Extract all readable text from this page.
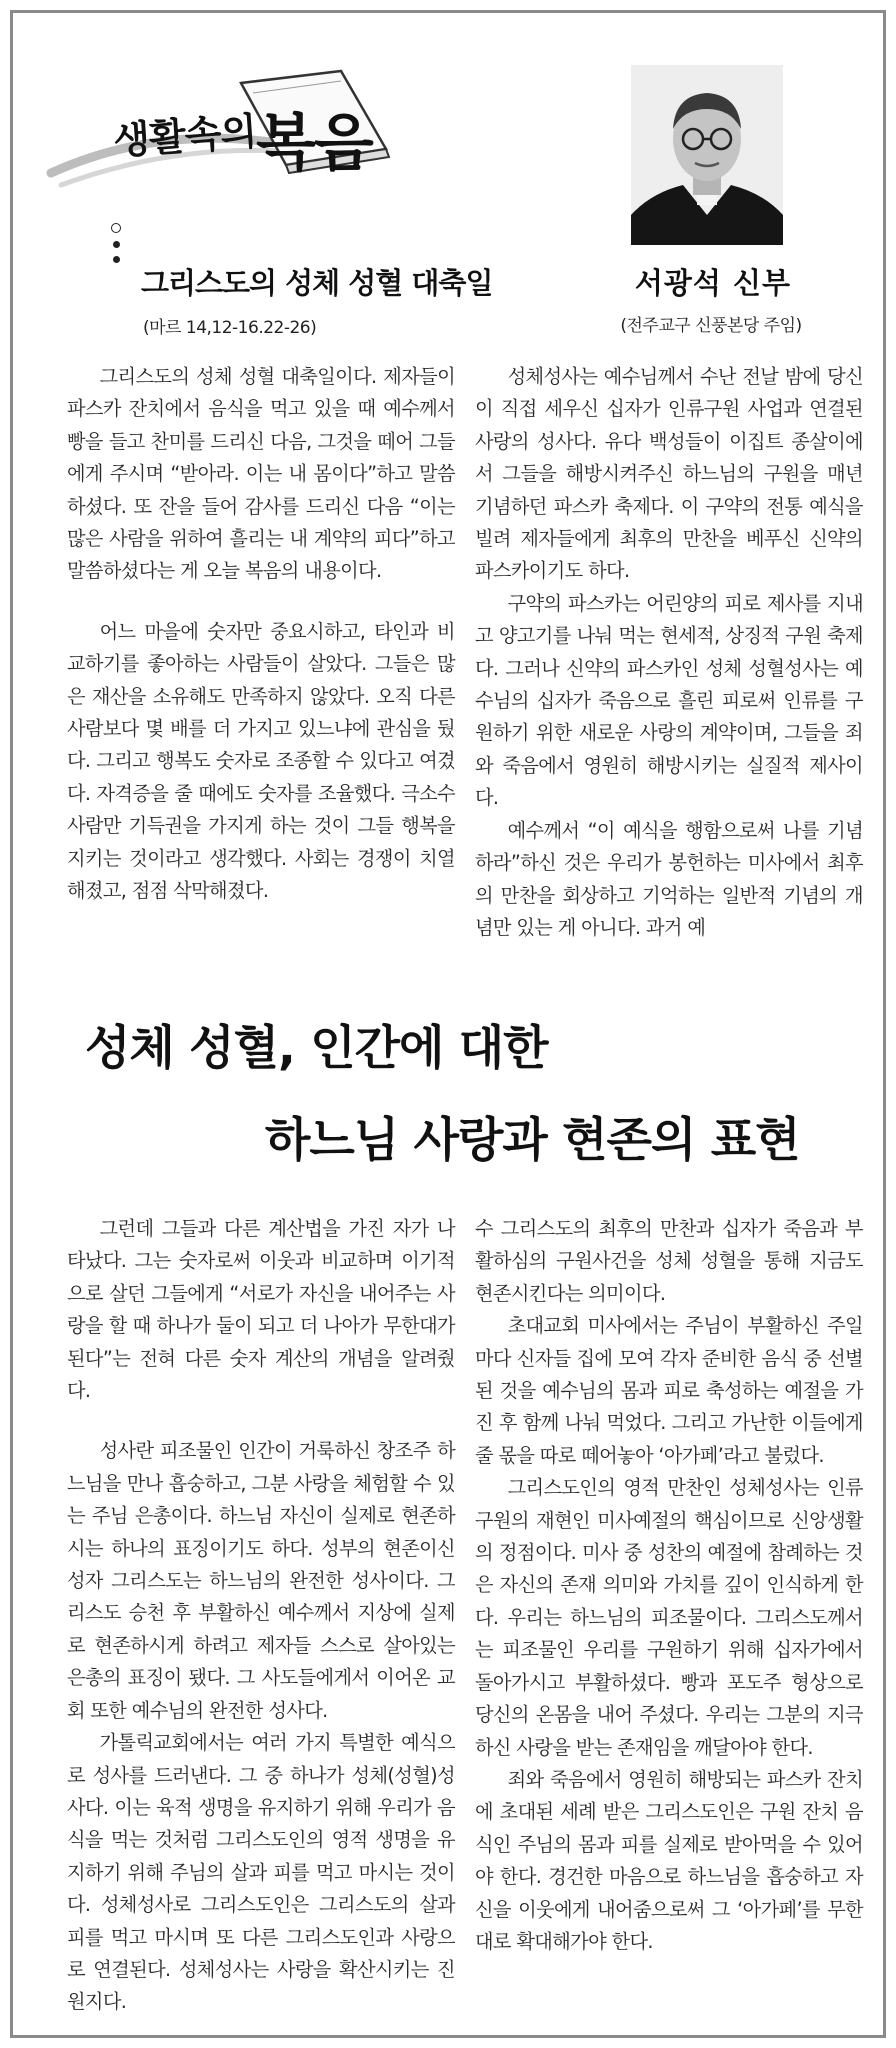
생활속의
복음
그리스도의 성체 성혈 대축일
(마르 14,12-16.22-26)
서광석 신부
(전주교구 신풍본당 주임)

그리스도의 성체 성혈 대축일이다. 제자들이 파스카 잔치에서 음식을 먹고 있을 때 예수께서 빵을 들고 찬미를 드리신 다음, 그것을 떼어 그들에게 주시며 “받아라. 이는 내 몸이다”하고 말씀하셨다. 또 잔을 들어 감사를 드리신 다음 “이는 많은 사람을 위하여 흘리는 내 계약의 피다”하고 말씀하셨다는 게 오늘 복음의 내용이다.

어느 마을에 숫자만 중요시하고, 타인과 비교하기를 좋아하는 사람들이 살았다. 그들은 많은 재산을 소유해도 만족하지 않았다. 오직 다른 사람보다 몇 배를 더 가지고 있느냐에 관심을 뒀다. 그리고 행복도 숫자로 조종할 수 있다고 여겼다. 자격증을 줄 때에도 숫자를 조율했다. 극소수 사람만 기득권을 가지게 하는 것이 그들 행복을 지키는 것이라고 생각했다. 사회는 경쟁이 치열해졌고, 점점 삭막해졌다.

성체성사는 예수님께서 수난 전날 밤에 당신이 직접 세우신 십자가 인류구원 사업과 연결된 사랑의 성사다. 유다 백성들이 이집트 종살이에서 그들을 해방시켜주신 하느님의 구원을 매년 기념하던 파스카 축제다. 이 구약의 전통 예식을 빌려 제자들에게 최후의 만찬을 베푸신 신약의 파스카이기도 하다.

구약의 파스카는 어린양의 피로 제사를 지내고 양고기를 나눠 먹는 현세적, 상징적 구원 축제다. 그러나 신약의 파스카인 성체 성혈성사는 예수님의 십자가 죽음으로 흘린 피로써 인류를 구원하기 위한 새로운 사랑의 계약이며, 그들을 죄와 죽음에서 영원히 해방시키는 실질적 제사이다.

예수께서 “이 예식을 행함으로써 나를 기념하라”하신 것은 우리가 봉헌하는 미사에서 최후의 만찬을 회상하고 기억하는 일반적 기념의 개념만 있는 게 아니다. 과거 예

성체 성혈, 인간에 대한
하느님 사랑과 현존의 표현

그런데 그들과 다른 계산법을 가진 자가 나타났다. 그는 숫자로써 이웃과 비교하며 이기적으로 살던 그들에게 “서로가 자신을 내어주는 사랑을 할 때 하나가 둘이 되고 더 나아가 무한대가 된다”는 전혀 다른 숫자 계산의 개념을 알려줬다.

성사란 피조물인 인간이 거룩하신 창조주 하느님을 만나 흡숭하고, 그분 사랑을 체험할 수 있는 주님 은총이다. 하느님 자신이 실제로 현존하시는 하나의 표징이기도 하다. 성부의 현존이신 성자 그리스도는 하느님의 완전한 성사이다. 그리스도 승천 후 부활하신 예수께서 지상에 실제로 현존하시게 하려고 제자들 스스로 살아있는 은총의 표징이 됐다. 그 사도들에게서 이어온 교회 또한 예수님의 완전한 성사다.

가톨릭교회에서는 여러 가지 특별한 예식으로 성사를 드러낸다. 그 중 하나가 성체(성혈)성사다. 이는 육적 생명을 유지하기 위해 우리가 음식을 먹는 것처럼 그리스도인의 영적 생명을 유지하기 위해 주님의 살과 피를 먹고 마시는 것이다. 성체성사로 그리스도인은 그리스도의 살과 피를 먹고 마시며 또 다른 그리스도인과 사랑으로 연결된다. 성체성사는 사랑을 확산시키는 진원지다.

수 그리스도의 최후의 만찬과 십자가 죽음과 부활하심의 구원사건을 성체 성혈을 통해 지금도 현존시킨다는 의미이다.

초대교회 미사에서는 주님이 부활하신 주일마다 신자들 집에 모여 각자 준비한 음식 중 선별된 것을 예수님의 몸과 피로 축성하는 예절을 가진 후 함께 나눠 먹었다. 그리고 가난한 이들에게 줄 몫을 따로 떼어놓아 ‘아가페’라고 불렀다.

그리스도인의 영적 만찬인 성체성사는 인류구원의 재현인 미사예절의 핵심이므로 신앙생활의 정점이다. 미사 중 성찬의 예절에 참례하는 것은 자신의 존재 의미와 가치를 깊이 인식하게 한다. 우리는 하느님의 피조물이다. 그리스도께서는 피조물인 우리를 구원하기 위해 십자가에서 돌아가시고 부활하셨다. 빵과 포도주 형상으로 당신의 온몸을 내어 주셨다. 우리는 그분의 지극하신 사랑을 받는 존재임을 깨달아야 한다.

죄와 죽음에서 영원히 해방되는 파스카 잔치에 초대된 세례 받은 그리스도인은 구원 잔치 음식인 주님의 몸과 피를 실제로 받아먹을 수 있어야 한다. 경건한 마음으로 하느님을 흡숭하고 자신을 이웃에게 내어줌으로써 그 ‘아가페’를 무한대로 확대해가야 한다.
